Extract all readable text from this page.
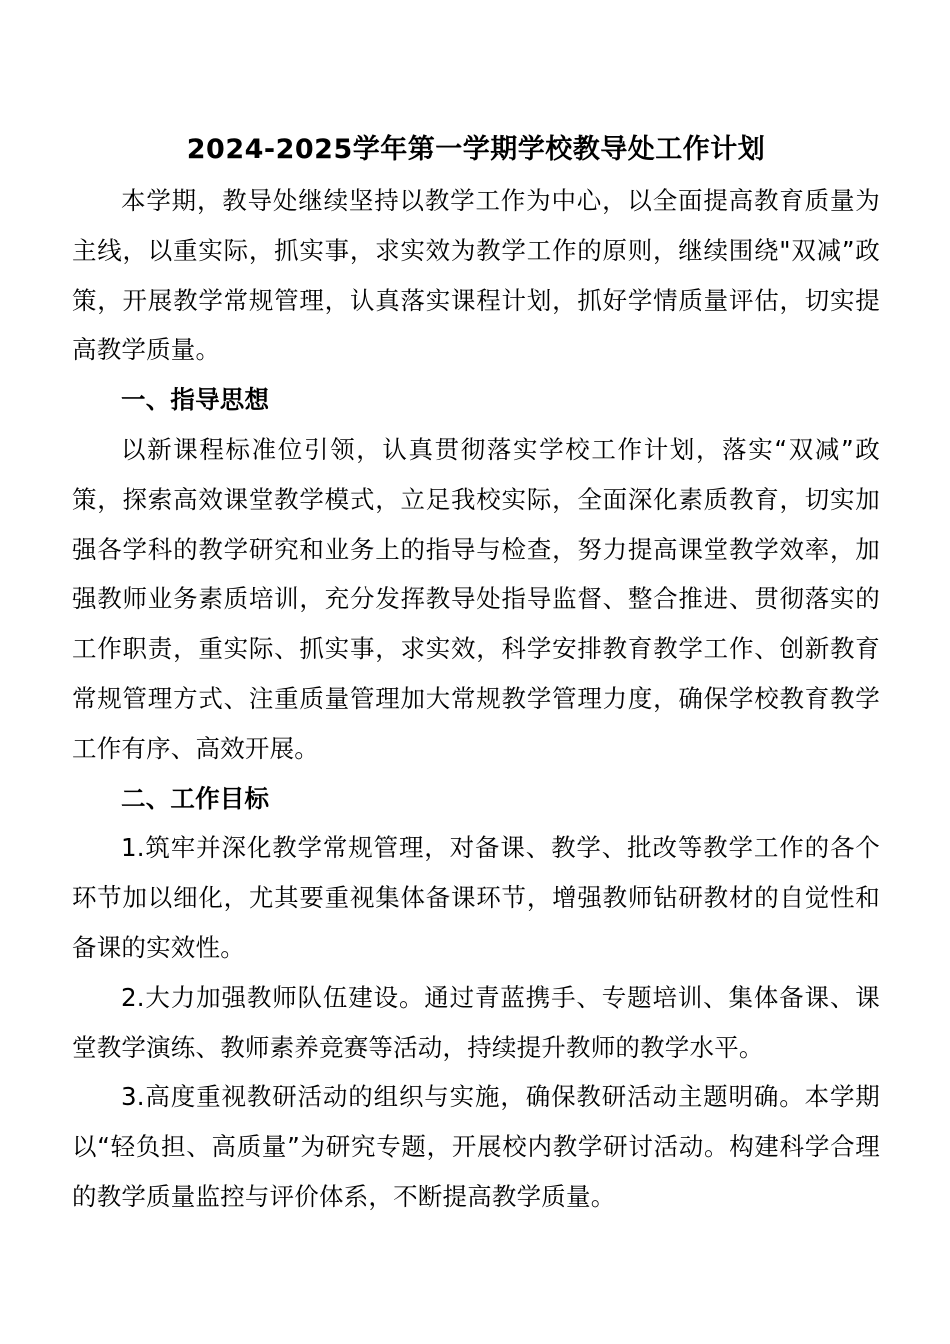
2024-2025学年第一学期学校教导处工作计划

本学期，教导处继续坚持以教学工作为中心，以全面提高教育质量为主线，以重实际，抓实事，求实效为教学工作的原则，继续围绕"双减”政策，开展教学常规管理，认真落实课程计划，抓好学情质量评估，切实提高教学质量。

一、指导思想

以新课程标准位引领，认真贯彻落实学校工作计划，落实“双减”政策，探索高效课堂教学模式，立足我校实际，全面深化素质教育，切实加强各学科的教学研究和业务上的指导与检查，努力提高课堂教学效率，加强教师业务素质培训，充分发挥教导处指导监督、整合推进、贯彻落实的工作职责，重实际、抓实事，求实效，科学安排教育教学工作、创新教育常规管理方式、注重质量管理加大常规教学管理力度，确保学校教育教学工作有序、高效开展。

二、工作目标

1.筑牢并深化教学常规管理，对备课、教学、批改等教学工作的各个环节加以细化，尤其要重视集体备课环节，增强教师钻研教材的自觉性和备课的实效性。

2.大力加强教师队伍建设。通过青蓝携手、专题培训、集体备课、课堂教学演练、教师素养竞赛等活动，持续提升教师的教学水平。

3.高度重视教研活动的组织与实施，确保教研活动主题明确。本学期以“轻负担、高质量”为研究专题，开展校内教学研讨活动。构建科学合理的教学质量监控与评价体系，不断提高教学质量。
